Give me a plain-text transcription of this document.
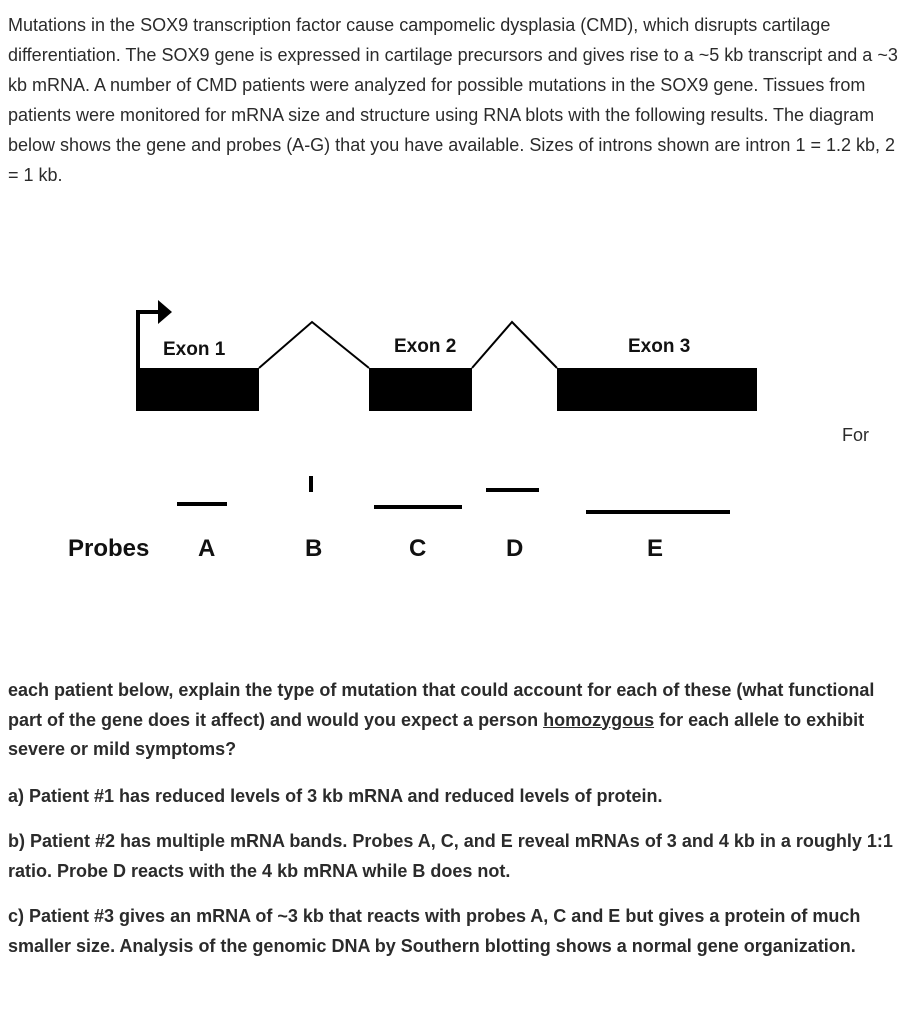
Mutations in the SOX9 transcription factor cause campomelic dysplasia (CMD), which disrupts cartilage differentiation. The SOX9 gene is expressed in cartilage precursors and gives rise to a ~5 kb transcript and a ~3 kb mRNA. A number of CMD patients were analyzed for possible mutations in the SOX9 gene. Tissues from patients were monitored for mRNA size and structure using RNA blots with the following results. The diagram below shows the gene and probes (A-G) that you have available. Sizes of introns shown are intron 1 = 1.2 kb, 2 = 1 kb.

Exon 1	Exon 2	Exon 3
Probes A	B	C	D	E
For

each patient below, explain the type of mutation that could account for each of these (what functional part of the gene does it affect) and would you expect a person homozygous for each allele to exhibit severe or mild symptoms?

a) Patient #1 has reduced levels of 3 kb mRNA and reduced levels of protein.

b) Patient #2 has multiple mRNA bands. Probes A, C, and E reveal mRNAs of 3 and 4 kb in a roughly 1:1 ratio. Probe D reacts with the 4 kb mRNA while B does not.

c) Patient #3 gives an mRNA of ~3 kb that reacts with probes A, C and E but gives a protein of much smaller size. Analysis of the genomic DNA by Southern blotting shows a normal gene organization.
